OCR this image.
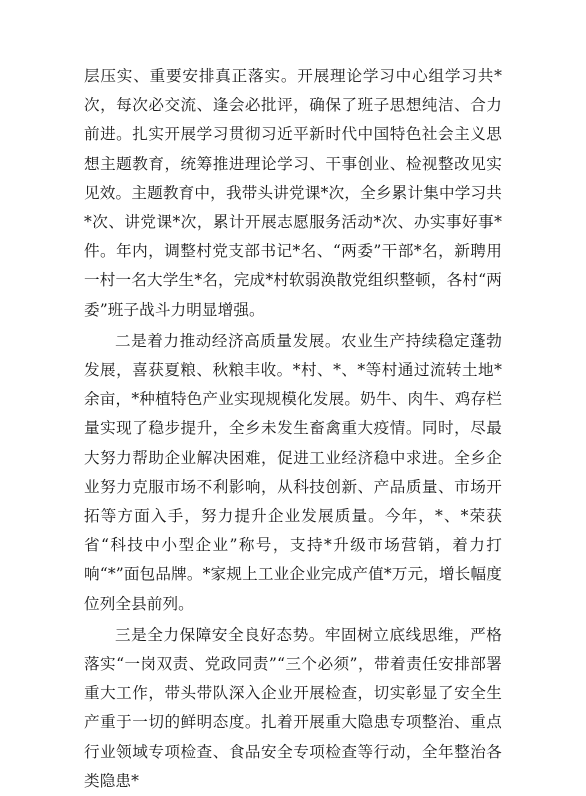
层压实、重要安排真正落实。开展理论学习中心组学习共*次，每次必交流、逢会必批评，确保了班子思想纯洁、合力前进。扎实开展学习贯彻习近平新时代中国特色社会主义思想主题教育，统筹推进理论学习、干事创业、检视整改见实见效。主题教育中，我带头讲党课*次，全乡累计集中学习共*次、讲党课*次，累计开展志愿服务活动*次、办实事好事*件。年内，调整村党支部书记*名、“两委”干部*名，新聘用一村一名大学生*名，完成*村软弱涣散党组织整顿，各村“两委”班子战斗力明显增强。

二是着力推动经济高质量发展。农业生产持续稳定蓬勃发展，喜获夏粮、秋粮丰收。*村、*、*等村通过流转土地*余亩，*种植特色产业实现规模化发展。奶牛、肉牛、鸡存栏量实现了稳步提升，全乡未发生畜禽重大疫情。同时，尽最大努力帮助企业解决困难，促进工业经济稳中求进。全乡企业努力克服市场不利影响，从科技创新、产品质量、市场开拓等方面入手，努力提升企业发展质量。今年，*、*荣获省“科技中小型企业”称号，支持*升级市场营销，着力打响“*”面包品牌。*家规上工业企业完成产值*万元，增长幅度位列全县前列。

三是全力保障安全良好态势。牢固树立底线思维，严格落实“一岗双责、党政同责”“三个必须”，带着责任安排部署重大工作，带头带队深入企业开展检查，切实彰显了安全生产重于一切的鲜明态度。扎着开展重大隐患专项整治、重点行业领域专项检查、食品安全专项检查等行动，全年整治各类隐患*
